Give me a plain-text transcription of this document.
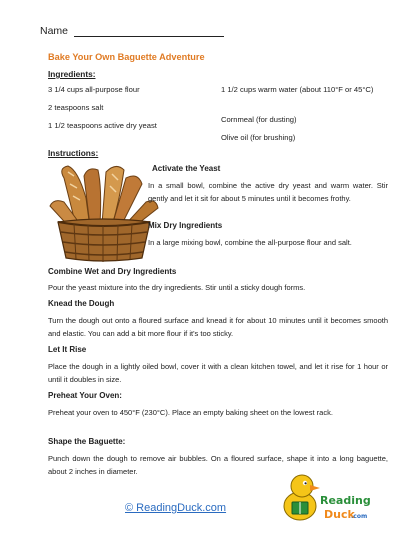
Name
Bake Your Own Baguette Adventure
Ingredients:
3 1/4 cups all-purpose flour
2 teaspoons salt
1 1/2 teaspoons active dry yeast
1 1/2 cups warm water (about 110°F or 45°C)
Cornmeal (for dusting)
Olive oil (for brushing)
Instructions:
Activate the Yeast
In a small bowl, combine the active dry yeast and warm water. Stir gently and let it sit for about 5 minutes until it becomes frothy.
Mix Dry Ingredients
In a large mixing bowl, combine the all-purpose flour and salt.
Combine Wet and Dry Ingredients
Pour the yeast mixture into the dry ingredients. Stir until a sticky dough forms.
Knead the Dough
Turn the dough out onto a floured surface and knead it for about 10 minutes until it becomes smooth and elastic. You can add a bit more flour if it's too sticky.
Let It Rise
Place the dough in a lightly oiled bowl, cover it with a clean kitchen towel, and let it rise for 1 hour or until it doubles in size.
Preheat Your Oven:
Preheat your oven to 450°F (230°C). Place an empty baking sheet on the lowest rack.
Shape the Baguette:
Punch down the dough to remove air bubbles. On a floured surface, shape it into a long baguette, about 2 inches in diameter.
© ReadingDuck.com
Reading
Duck
.com
